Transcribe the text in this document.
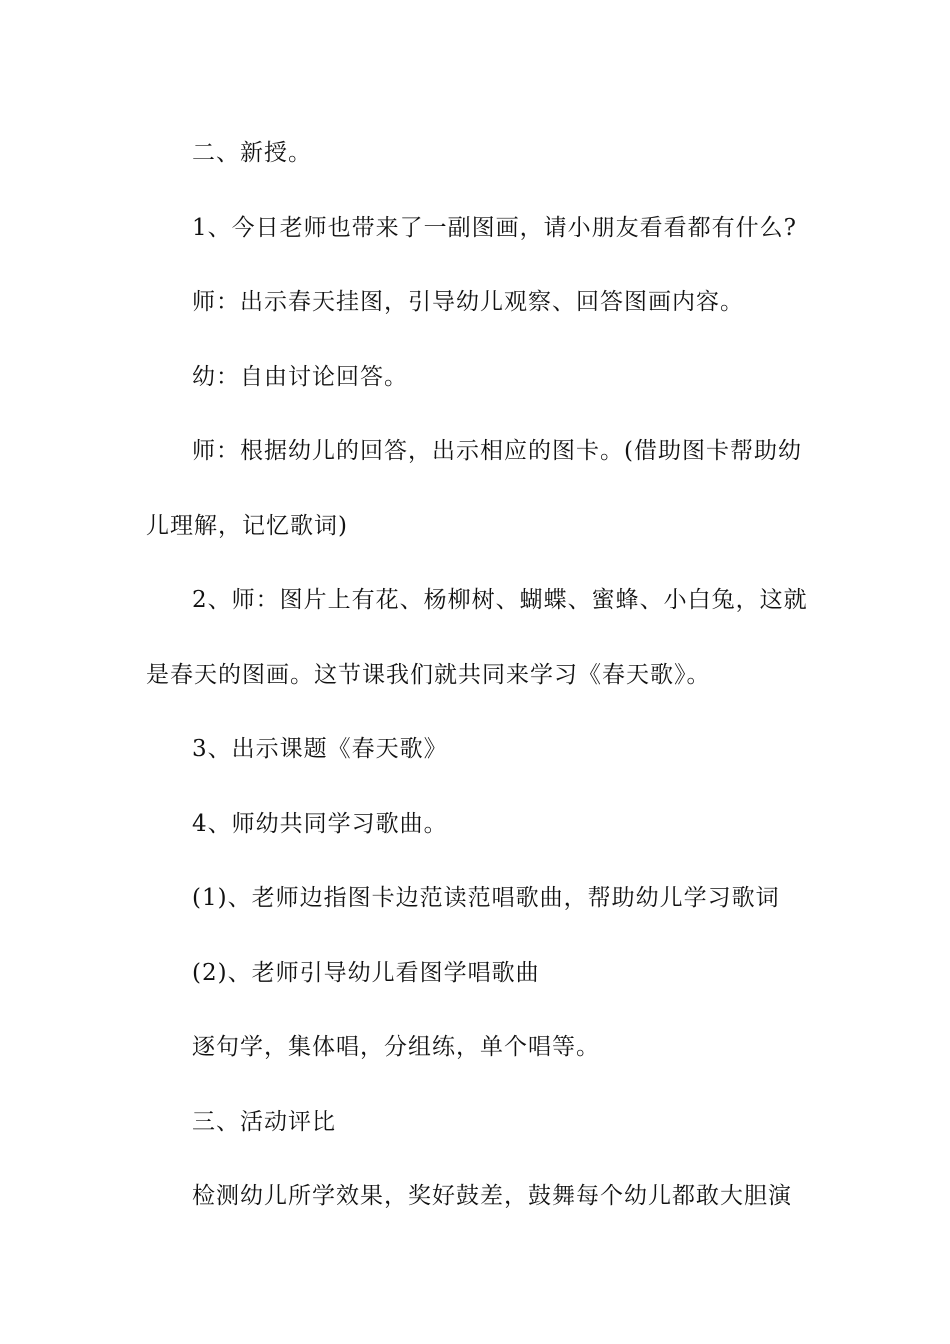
二、新授。
1、今日老师也带来了一副图画，请小朋友看看都有什么?
师：出示春天挂图，引导幼儿观察、回答图画内容。
幼：自由讨论回答。
师：根据幼儿的回答，出示相应的图卡。(借助图卡帮助幼
儿理解，记忆歌词)
2、师：图片上有花、杨柳树、蝴蝶、蜜蜂、小白兔，这就
是春天的图画。这节课我们就共同来学习《春天歌》。
3、出示课题《春天歌》
4、师幼共同学习歌曲。
(1)、老师边指图卡边范读范唱歌曲，帮助幼儿学习歌词
(2)、老师引导幼儿看图学唱歌曲
逐句学，集体唱，分组练，单个唱等。
三、活动评比
检测幼儿所学效果，奖好鼓差，鼓舞每个幼儿都敢大胆演
